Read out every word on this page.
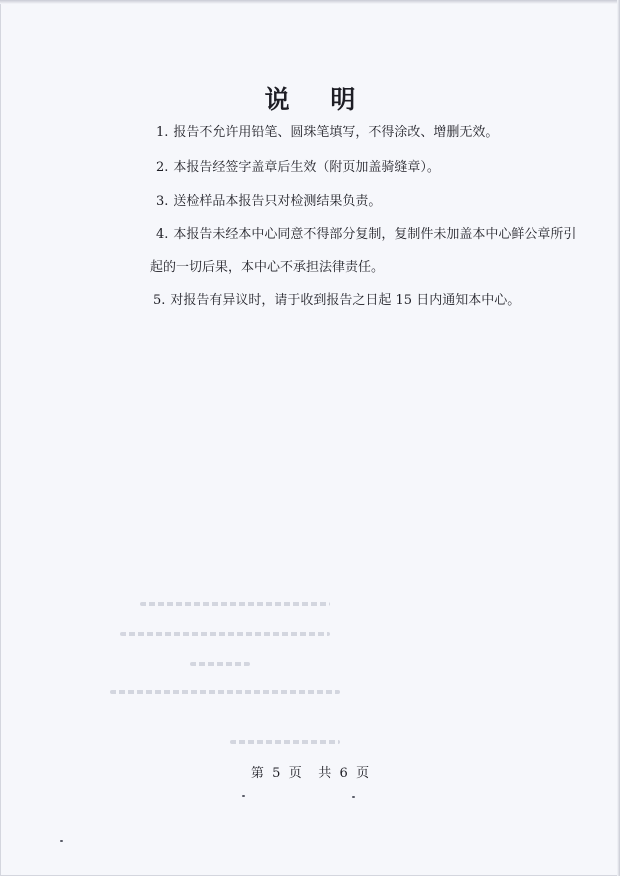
说 明
1. 报告不允许用铅笔、圆珠笔填写，不得涂改、增删无效。
2. 本报告经签字盖章后生效（附页加盖骑缝章）。
3. 送检样品本报告只对检测结果负责。
4. 本报告未经本中心同意不得部分复制，复制件未加盖本中心鲜公章所引
起的一切后果，本中心不承担法律责任。
5. 对报告有异议时，请于收到报告之日起 15 日内通知本中心。
第 5 页 共 6 页
